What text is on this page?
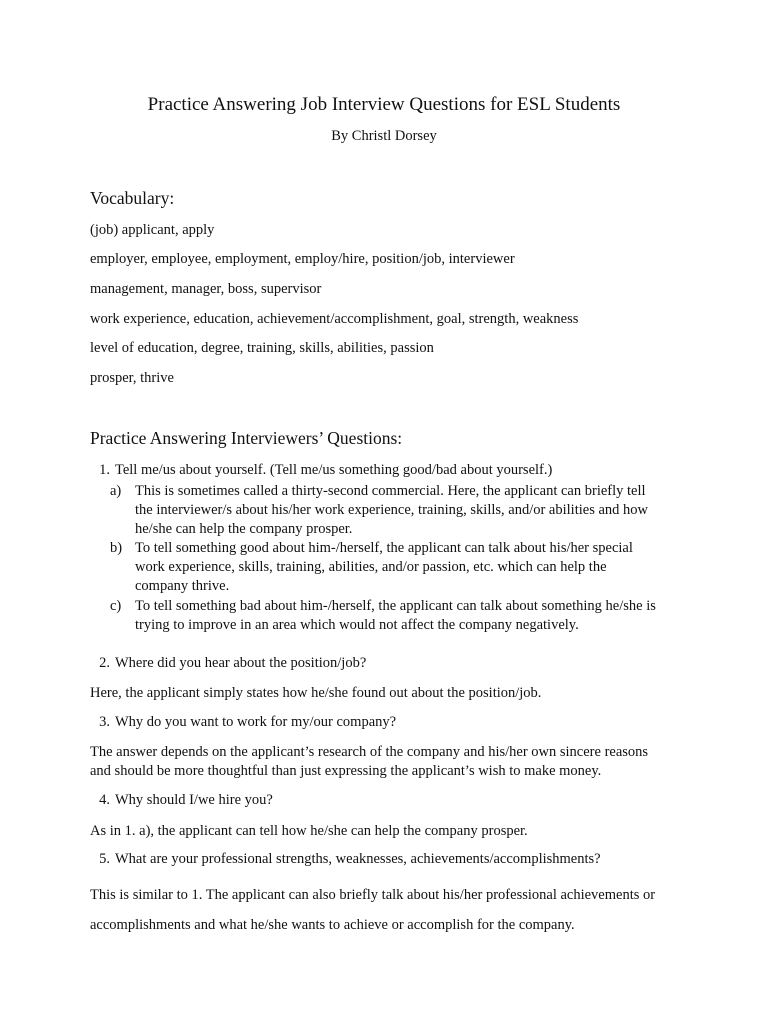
Practice Answering Job Interview Questions for ESL Students
By Christl Dorsey
Vocabulary:
(job) applicant, apply
employer, employee, employment, employ/hire, position/job, interviewer
management, manager, boss, supervisor
work experience, education, achievement/accomplishment, goal, strength, weakness
level of education, degree, training, skills, abilities, passion
prosper, thrive
Practice Answering Interviewers’ Questions:
1. Tell me/us about yourself. (Tell me/us something good/bad about yourself.)
a) This is sometimes called a thirty-second commercial. Here, the applicant can briefly tell
the interviewer/s about his/her work experience, training, skills, and/or abilities and how
he/she can help the company prosper.
b) To tell something good about him-/herself, the applicant can talk about his/her special
work experience, skills, training, abilities, and/or passion, etc. which can help the
company thrive.
c) To tell something bad about him-/herself, the applicant can talk about something he/she is
trying to improve in an area which would not affect the company negatively.
2. Where did you hear about the position/job?
Here, the applicant simply states how he/she found out about the position/job.
3. Why do you want to work for my/our company?
The answer depends on the applicant’s research of the company and his/her own sincere reasons
and should be more thoughtful than just expressing the applicant’s wish to make money.
4. Why should I/we hire you?
As in 1. a), the applicant can tell how he/she can help the company prosper.
5. What are your professional strengths, weaknesses, achievements/accomplishments?
This is similar to 1. The applicant can also briefly talk about his/her professional achievements or
accomplishments and what he/she wants to achieve or accomplish for the company.
